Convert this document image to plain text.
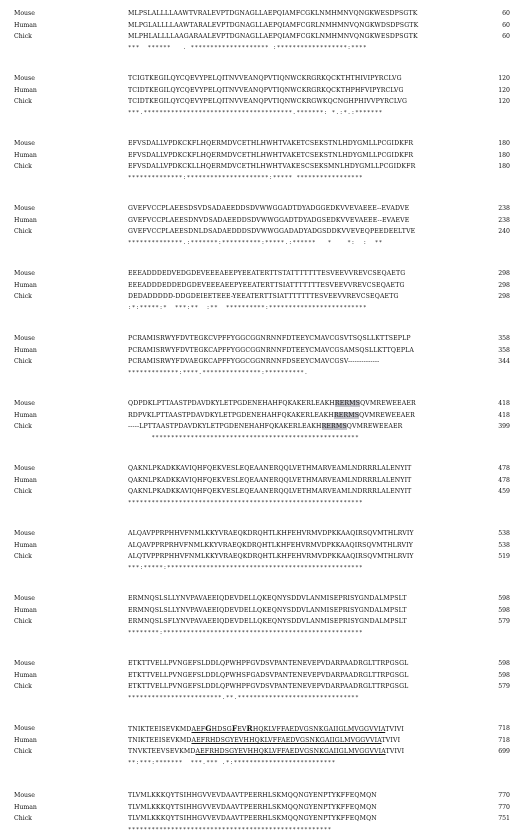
Mouse	MLPSLALLLLAAWTVRALEVPTDGNAGLLAEPQIAMFCGKLNMHMNVQNGKWESDPSGTK	60
Human	MLPGLALLLLAAWTARALEVPTDGNAGLLAEPQIAMFCGRLNMHMNVQNGKWDSDPSGTK	60
Chick	MLPHLALLLLAAGARAALEVPTDGNAGLLAEPQIAMFCGKLNMHMNVQNGKWESDPSGTK	60
***  ******   . ******************** :******************:****
Mouse	TCIGTKEGILQYCQEVYPELQITNVVEANQPVTIQNWCKRGRKQCKTHTHIVIPYRCLVG	120
Human	TCIDTKEGILQYCQEVYPELQITNVVEANQPVTIQNWCKRGRKQCKTHPHFVIPYRCLVG	120
Chick	TCIDTKEGILQYCQEVYPELQITNVVEANQPVTIQNWCKRGWKQCNGHPHIVVPYRCLVG	120
***.**************************************.*******: *.:*.:*******
Mouse	EFVSDALLVPDKCKFLHQERMDVCETHLHWHTVAKETCSEKSTNLHDYGMLLPCGIDKFR	180
Human	EFVSDALLVPDKCKFLHQERMDVCETHLHWHTVAKETCSEKSTNLHDYGMLLPCGIDKFR	180
Chick	EFVSDALLVPDKCKLLHQERMDVCETHLHWHTVAKESCSEKSMNLHDYGMLLPCGIDKFR	180
**************:*********************:***** *****************
Mouse	GVEFVCCPLAEESDSVDSADAEEDDSDVWWGGADTDYADGGEDKVVEVAEEE--EVADVE	238
Human	GVEFVCCPLAEESDNVDSADAEEDDSDVWWGGADTDYADGSEDKVVEVAEEE--EVAEVE	238
Chick	GVEFVCCPLAEESDNLDSADAEDDDSDVWWGGADADYADGSDDKVVEVEQPEEDEELTVE	240
**************.:*******:**********:*****.:******   *    *:  :  **
Mouse	EEEADDDEDVEDGDEVEEEAEEPYEEATERTTSTATTTTTTTESVEEVVREVCSEQAETG	298
Human	EEEADDDEDDEDGDEVEEEAEEPYEEATERTTSIATTTTTTTESVEEVVREVCSEQAETG	298
Chick	DEDADDDDD-DDGDEIEETEEE-YEEATERTTSIATTTTTTTESVEEVVREVCSEQAETG	298
:*:*****:*  ***:**  :**  **********:*************************
Mouse	PCRAMISRWYFDVTEGKCVPFFYGGCGGNRNNFDTEEYCMAVCGSVTSQSLLKTTSEPLP	358
Human	PCRAMISRWYFDVTEGKCAPFFYGGCGGNRNNFDTEEYCMAVCGSAMSQSLLKTTQEPLA	358
Chick	PCRAMISRWYFDVAEGKCAPFFYGGCGGNRNNFDSEEYCMAVCGSV--------------	344
*************:****.***************:**********.
Mouse	QDPDKLPTTAASTPDAVDKYLETPGDENEHAHFQKAKERLEAKHRERMSQVMREWEEAER	418
Human	RDPVKLPTTAASTPDAVDKYLETPGDENEHAHFQKAKERLEAKHRERMSQVMREWEEAER	418
Chick	-----LPTTAASTPDAVDKYLETPGDENEHAHFQKAKERLEAKHRERMSQVMREWEEAER	399
*****************************************************
Mouse	QAKNLPKADKKAVIQHFQEKVESLEQEAANERQQLVETHMARVEAMLNDRRRLALENYIT	478
Human	QAKNLPKADKKAVIQHFQEKVESLEQEAANERQQLVETHMARVEAMLNDRRRLALENYIT	478
Chick	QAKNLPKADKKAVIQHFQEKVESLEQEAANERQQLVETHMARVEAMLNDRRRLALENYIT	459
************************************************************
Mouse	ALQAVPPRPHHVFNMLKKYVRAEQKDRQHTLKHFEHVRMVDPKKAAQIRSQVMTHLRVIY	538
Human	ALQAVPPRPRHVFNMLKKYVRAEQKDRQHTLKHFEHVRMVDPKKAAQIRSQVMTHLRVIY	538
Chick	ALQTVPPRPHHVFNMLKKYVRAEQKDRQHTLKHFEHVRMVDPKKAAQIRSQVMTHLRVIY	519
***:*****:**************************************************
Mouse	ERMNQSLSLLYNVPAVAEEIQDEVDELLQKEQNYSDDVLANMISEPRISYGNDALMPSLT	598
Human	ERMNQSLSLLYNVPAVAEEIQDEVDELLQKEQNYSDDVLANMISEPRISYGNDALMPSLT	598
Chick	ERMNQSLSFLYNVPAVAEEIQDEVDELLQKEQNYSDDVLANMISEPRISYGNDALMPSLT	579
********:***************************************************
Mouse	ETKTTVELLPVNGEFSLDDLQPWHPFGVDSVPANTENEVEPVDARPAADRGLTTRPGSGL	598
Human	ETKTTVELLPVNGEFSLDDLQPWHSFGADSVPANTENEVEPVDARPAADRGLTTRPGSGL	598
Chick	ETKTTVELLPVNGEFSLDDLQPWHPFGVDSVPANTENEVEPVDARPAADRGLTTRPGSGL	579
************************.**.*******************************
Mouse	TNIKTEEISEVKMDAEFGHDSGFEVRHQKLVFFAEDVGSNKGAIIGLMVGGVVIATVIVI	718
Human	TNIKTEEISEVKMDAEFRHDSGYEVHHQKLVFFAEDVGSNKGAIIGLMVGGVVIATVIVI	718
Chick	TNVKTEEVSEVKMDAEFRHDSGYEVHHQKLVFFAEDVGSNKGAIIGLMVGGVVIATVIVI	699
**:***:*******  ***.*** .*:**************************
Mouse	TLVMLKKKQYTSIHHGVVEVDAAVTPEERHLSKMQQNGYENPTYKFFEQMQN	770
Human	TLVMLKKKQYTSIHHGVVEVDAAVTPEERHLSKMQQNGYENPTYKFFEQMQN	770
Chick	TLVMLKKKQYTSIHHGVVEVDAAVTPEERHLSKMQQNGYENPTYKFFEQMQN	751
****************************************************
